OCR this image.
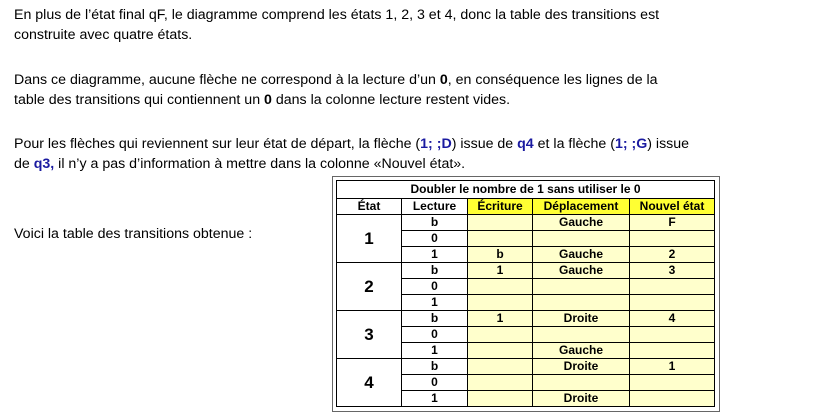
En plus de l’état final qF, le diagramme comprend les états 1, 2, 3 et 4, donc la table des transitions est
construite avec quatre états.
Dans ce diagramme, aucune flèche ne correspond à la lecture d’un 0, en conséquence les lignes de la
table des transitions qui contiennent un 0 dans la colonne lecture restent vides.
Pour les flèches qui reviennent sur leur état de départ, la flèche (1; ;D) issue de q4 et la flèche (1; ;G) issue
de q3, il n’y a pas d’information à mettre dans la colonne «Nouvel état».
Voici la table des transitions obtenue :
Doubler le nombre de 1 sans utiliser le 0				
État	Lecture	Écriture	Déplacement	Nouvel état
1	b		Gauche	F
	0			
	1	b	Gauche	2
2	b	1	Gauche	3
	0			
	1			
3	b	1	Droite	4
	0			
	1		Gauche	
4	b		Droite	1
	0			
	1		Droite	
